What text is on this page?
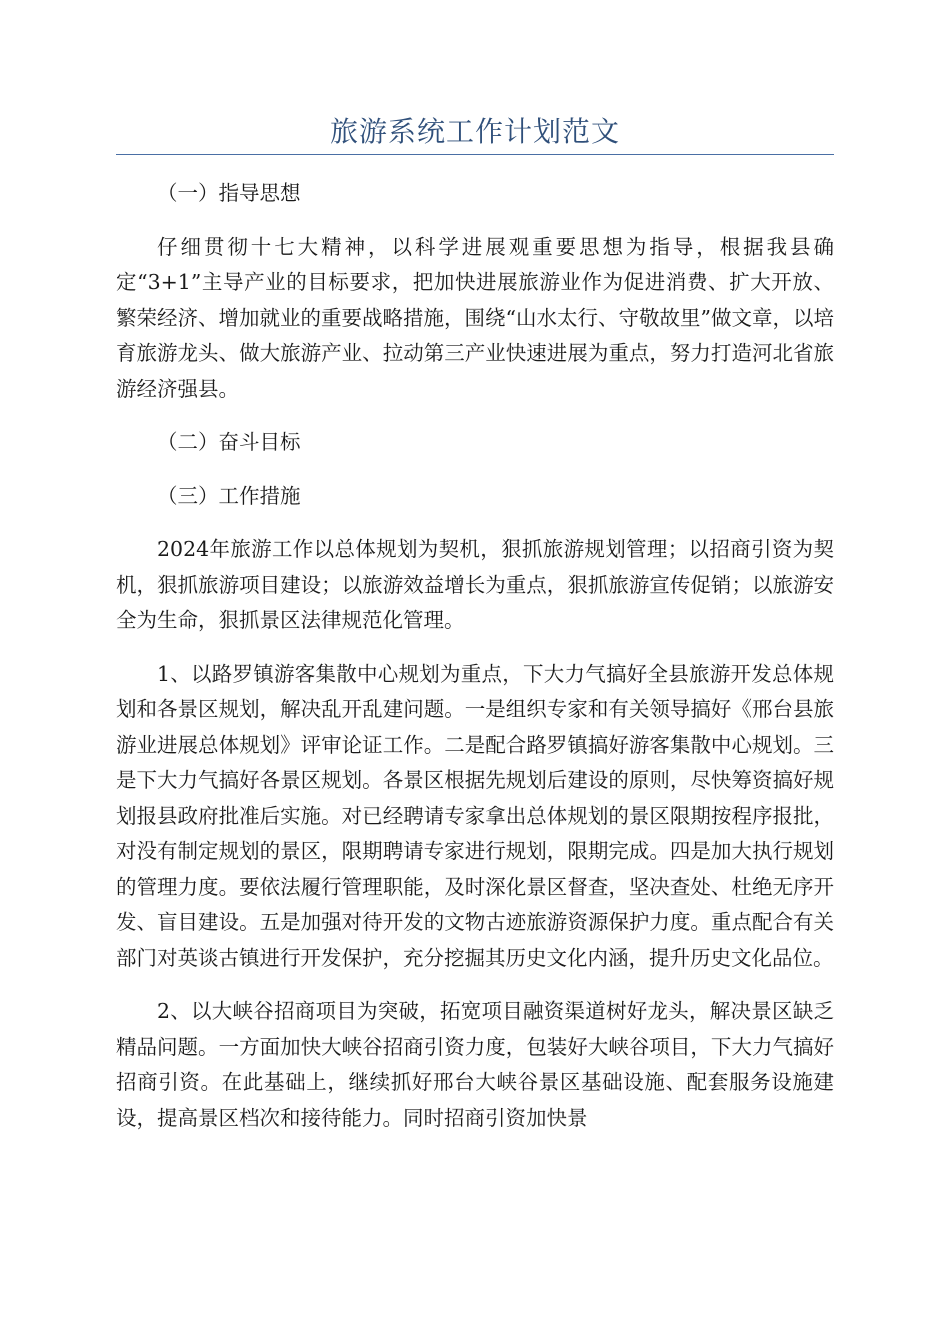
旅游系统工作计划范文

（一）指导思想

仔细贯彻十七大精神，以科学进展观重要思想为指导，根据我县确定“3+1”主导产业的目标要求，把加快进展旅游业作为促进消费、扩大开放、繁荣经济、增加就业的重要战略措施，围绕“山水太行、守敬故里”做文章，以培育旅游龙头、做大旅游产业、拉动第三产业快速进展为重点，努力打造河北省旅游经济强县。

（二）奋斗目标

（三）工作措施

2024年旅游工作以总体规划为契机，狠抓旅游规划管理；以招商引资为契机，狠抓旅游项目建设；以旅游效益增长为重点，狠抓旅游宣传促销；以旅游安全为生命，狠抓景区法律规范化管理。

1、以路罗镇游客集散中心规划为重点，下大力气搞好全县旅游开发总体规划和各景区规划，解决乱开乱建问题。一是组织专家和有关领导搞好《邢台县旅游业进展总体规划》评审论证工作。二是配合路罗镇搞好游客集散中心规划。三是下大力气搞好各景区规划。各景区根据先规划后建设的原则，尽快筹资搞好规划报县政府批准后实施。对已经聘请专家拿出总体规划的景区限期按程序报批，对没有制定规划的景区，限期聘请专家进行规划，限期完成。四是加大执行规划的管理力度。要依法履行管理职能，及时深化景区督查，坚决查处、杜绝无序开发、盲目建设。五是加强对待开发的文物古迹旅游资源保护力度。重点配合有关部门对英谈古镇进行开发保护，充分挖掘其历史文化内涵，提升历史文化品位。

2、以大峡谷招商项目为突破，拓宽项目融资渠道树好龙头，解决景区缺乏精品问题。一方面加快大峡谷招商引资力度，包装好大峡谷项目，下大力气搞好招商引资。在此基础上，继续抓好邢台大峡谷景区基础设施、配套服务设施建设，提高景区档次和接待能力。同时招商引资加快景
